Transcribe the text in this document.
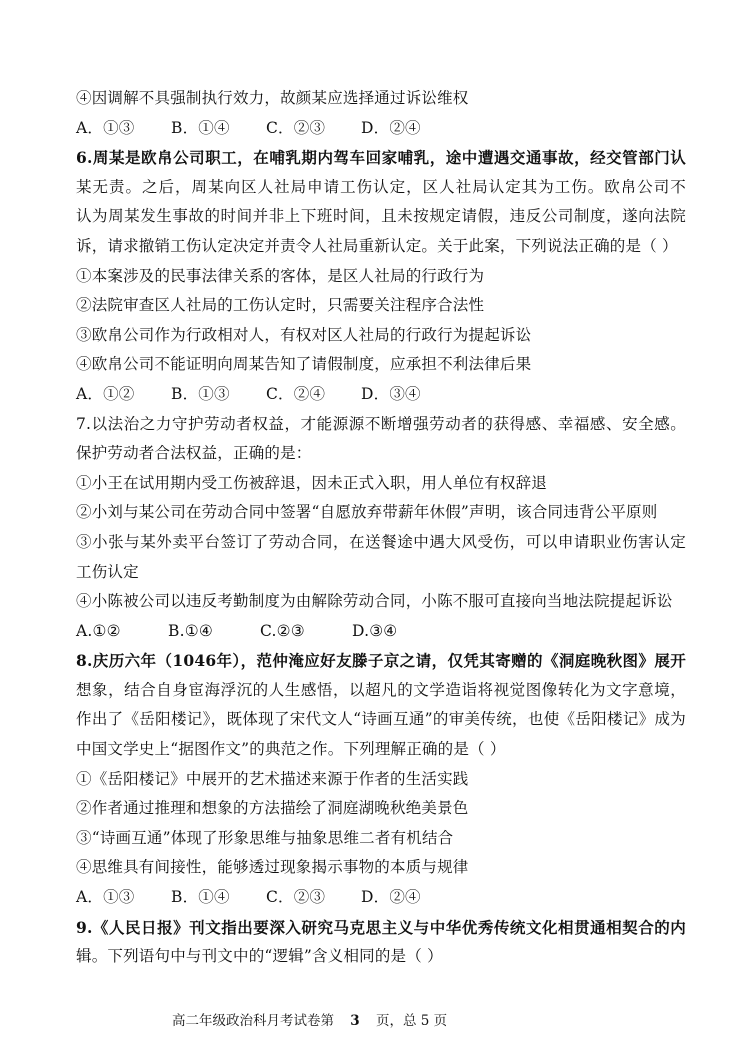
④因调解不具强制执行效力，故颜某应选择通过诉讼维权
A．①③ B．①④ C．②③ D．②④
6.周某是欧帛公司职工，在哺乳期内驾车回家哺乳，途中遭遇交通事故，经交管部门认
某无责。之后，周某向区人社局申请工伤认定，区人社局认定其为工伤。欧帛公司不
认为周某发生事故的时间并非上下班时间，且未按规定请假，违反公司制度，遂向法院
诉，请求撤销工伤认定决定并责令人社局重新认定。关于此案，下列说法正确的是（ ）
①本案涉及的民事法律关系的客体，是区人社局的行政行为
②法院审查区人社局的工伤认定时，只需要关注程序合法性
③欧帛公司作为行政相对人，有权对区人社局的行政行为提起诉讼
④欧帛公司不能证明向周某告知了请假制度，应承担不利法律后果
A．①② B．①③ C．②④ D．③④
7.以法治之力守护劳动者权益，才能源源不断增强劳动者的获得感、幸福感、安全感。
保护劳动者合法权益，正确的是：
①小王在试用期内受工伤被辞退，因未正式入职，用人单位有权辞退
②小刘与某公司在劳动合同中签署“自愿放弃带薪年休假”声明，该合同违背公平原则
③小张与某外卖平台签订了劳动合同，在送餐途中遇大风受伤，可以申请职业伤害认定
工伤认定
④小陈被公司以违反考勤制度为由解除劳动合同，小陈不服可直接向当地法院提起诉讼
A.①②	B.①④	C.②③	D.③④
8.庆历六年（1046年），范仲淹应好友滕子京之请，仅凭其寄赠的《洞庭晚秋图》展开
想象，结合自身宦海浮沉的人生感悟，以超凡的文学造诣将视觉图像转化为文字意境，
作出了《岳阳楼记》，既体现了宋代文人“诗画互通”的审美传统，也使《岳阳楼记》成为
中国文学史上“据图作文”的典范之作。下列理解正确的是（ ）
①《岳阳楼记》中展开的艺术描述来源于作者的生活实践
②作者通过推理和想象的方法描绘了洞庭湖晚秋绝美景色
③“诗画互通”体现了形象思维与抽象思维二者有机结合
④思维具有间接性，能够透过现象揭示事物的本质与规律
A．①③ B．①④ C．②③ D．②④
9.《人民日报》刊文指出要深入研究马克思主义与中华优秀传统文化相贯通相契合的内
辑。下列语句中与刊文中的“逻辑”含义相同的是（ ）
高二年级政治科月考试卷第 3 页，总 5 页
